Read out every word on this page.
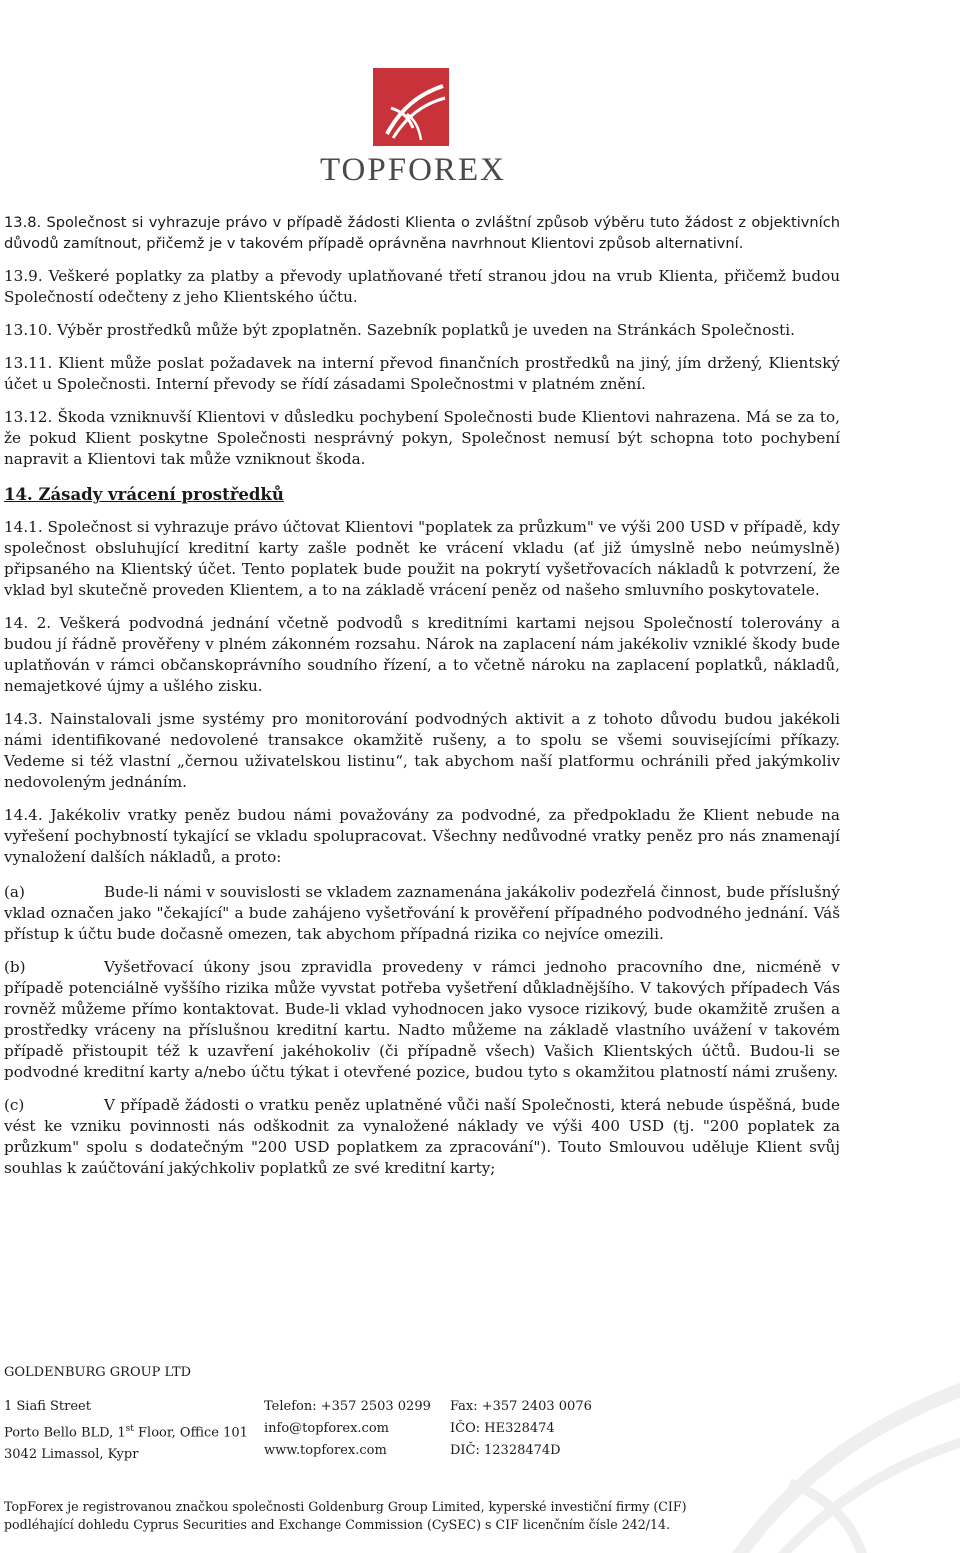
TOPFOREX

13.8. Společnost si vyhrazuje právo v případě žádosti Klienta o zvláštní způsob výběru tuto žádost z objektivních důvodů zamítnout, přičemž je v takovém případě oprávněna navrhnout Klientovi způsob alternativní.

13.9. Veškeré poplatky za platby a převody uplatňované třetí stranou jdou na vrub Klienta, přičemž budou Společností odečteny z jeho Klientského účtu.

13.10. Výběr prostředků může být zpoplatněn. Sazebník poplatků je uveden na Stránkách Společnosti.

13.11. Klient může poslat požadavek na interní převod finančních prostředků na jiný, jím držený, Klientský účet u Společnosti. Interní převody se řídí zásadami Společnostmi v platném znění.

13.12. Škoda vzniknuvší Klientovi v důsledku pochybení Společnosti bude Klientovi nahrazena. Má se za to, že pokud Klient poskytne Společnosti nesprávný pokyn, Společnost nemusí být schopna toto pochybení napravit a Klientovi tak může vzniknout škoda.

14. Zásady vrácení prostředků

14.1. Společnost si vyhrazuje právo účtovat Klientovi "poplatek za průzkum" ve výši 200 USD v případě, kdy společnost obsluhující kreditní karty zašle podnět ke vrácení vkladu (ať již úmyslně nebo neúmyslně) připsaného na Klientský účet. Tento poplatek bude použit na pokrytí vyšetřovacích nákladů k potvrzení, že vklad byl skutečně proveden Klientem, a to na základě vrácení peněz od našeho smluvního poskytovatele.

14. 2. Veškerá podvodná jednání včetně podvodů s kreditními kartami nejsou Společností tolerovány a budou jí řádně prověřeny v plném zákonném rozsahu. Nárok na zaplacení nám jakékoliv vzniklé škody bude uplatňován v rámci občanskoprávního soudního řízení, a to včetně nároku na zaplacení poplatků, nákladů, nemajetkové újmy a ušlého zisku.

14.3. Nainstalovali jsme systémy pro monitorování podvodných aktivit a z tohoto důvodu budou jakékoli námi identifikované nedovolené transakce okamžitě rušeny, a to spolu se všemi souvisejícími příkazy. Vedeme si též vlastní „černou uživatelskou listinu“, tak abychom naší platformu ochránili před jakýmkoliv nedovoleným jednáním.

14.4. Jakékoliv vratky peněz budou námi považovány za podvodné, za předpokladu že Klient nebude na vyřešení pochybností tykající se vkladu spolupracovat. Všechny nedůvodné vratky peněz pro nás znamenají vynaložení dalších nákladů, a proto:

(a)	Bude-li námi v souvislosti se vkladem zaznamenána jakákoliv podezřelá činnost, bude příslušný vklad označen jako "čekající" a bude zahájeno vyšetřování k prověření případného podvodného jednání. Váš přístup k účtu bude dočasně omezen, tak abychom případná rizika co nejvíce omezili.

(b)	Vyšetřovací úkony jsou zpravidla provedeny v rámci jednoho pracovního dne, nicméně v případě potenciálně vyššího rizika může vyvstat potřeba vyšetření důkladnějšího. V takových případech Vás rovněž můžeme přímo kontaktovat. Bude-li vklad vyhodnocen jako vysoce rizikový, bude okamžitě zrušen a prostředky vráceny na příslušnou kreditní kartu. Nadto můžeme na základě vlastního uvážení v takovém případě přistoupit též k uzavření jakéhokoliv (či případně všech) Vašich Klientských účtů. Budou-li se podvodné kreditní karty a/nebo účtu týkat i otevřené pozice, budou tyto s okamžitou platností námi zrušeny.

(c)	V případě žádosti o vratku peněz uplatněné vůči naší Společnosti, která nebude úspěšná, bude vést ke vzniku povinnosti nás odškodnit za vynaložené náklady ve výši 400 USD (tj. "200 poplatek za průzkum" spolu s dodatečným "200 USD poplatkem za zpracování"). Touto Smlouvou uděluje Klient svůj souhlas k zaúčtování jakýchkoliv poplatků ze své kreditní karty;

GOLDENBURG GROUP LTD
1 Siafi Street
Porto Bello BLD, 1st Floor, Office 101
3042 Limassol, Kypr
Telefon: +357 2503 0299
info@topforex.com
www.topforex.com
Fax: +357 2403 0076
IČO: HE328474
DIČ: 12328474D
TopForex je registrovanou značkou společnosti Goldenburg Group Limited, kyperské investiční firmy (CIF)
podléhající dohledu Cyprus Securities and Exchange Commission (CySEC) s CIF licenčním čísle 242/14.
